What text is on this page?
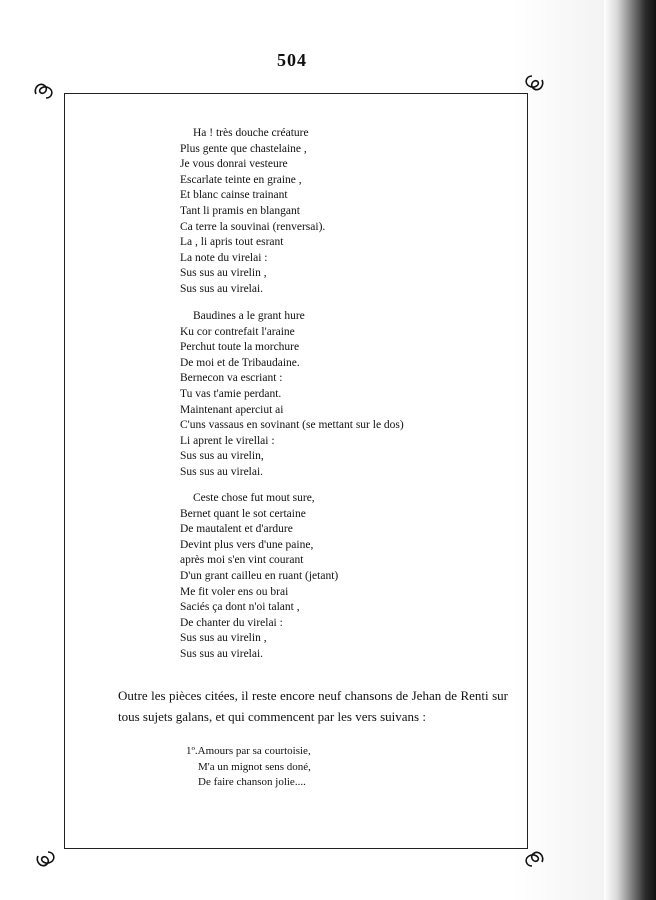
504
Ha ! très douche créature
Plus gente que chastelaine ,
Je vous donrai vesteure
Escarlate teinte en graine ,
Et blanc cainse trainant
Tant li pramis en blangant
Ca terre la souvinai (renversai).
La , li apris tout esrant
La note du virelai :
Sus sus au virelin ,
Sus sus au virelai.
Baudines a le grant hure
Ku cor contrefait l'araine
Perchut toute la morchure
De moi et de Tribaudaine.
Bernecon va escriant :
Tu vas t'amie perdant.
Maintenant aperciut ai
C'uns vassaus en sovinant (se mettant sur le dos)
Li aprent le virellai :
Sus sus au virelin,
Sus sus au virelai.
Ceste chose fut mout sure,
Bernet quant le sot certaine
De mautalent et d'ardure
Devint plus vers d'une paine,
après moi s'en vint courant
D'un grant cailleu en ruant (jetant)
Me fit voler ens ou brai
Saciés ça dont n'oi talant ,
De chanter du virelai :
Sus sus au virelin ,
Sus sus au virelai.
Outre les pièces citées, il reste encore neuf chansons de Jehan de Renti sur tous sujets galans, et qui commencent par les vers suivans :
1º.Amours par sa courtoisie,
M'a un mignot sens doné,
De faire chanson jolie....
